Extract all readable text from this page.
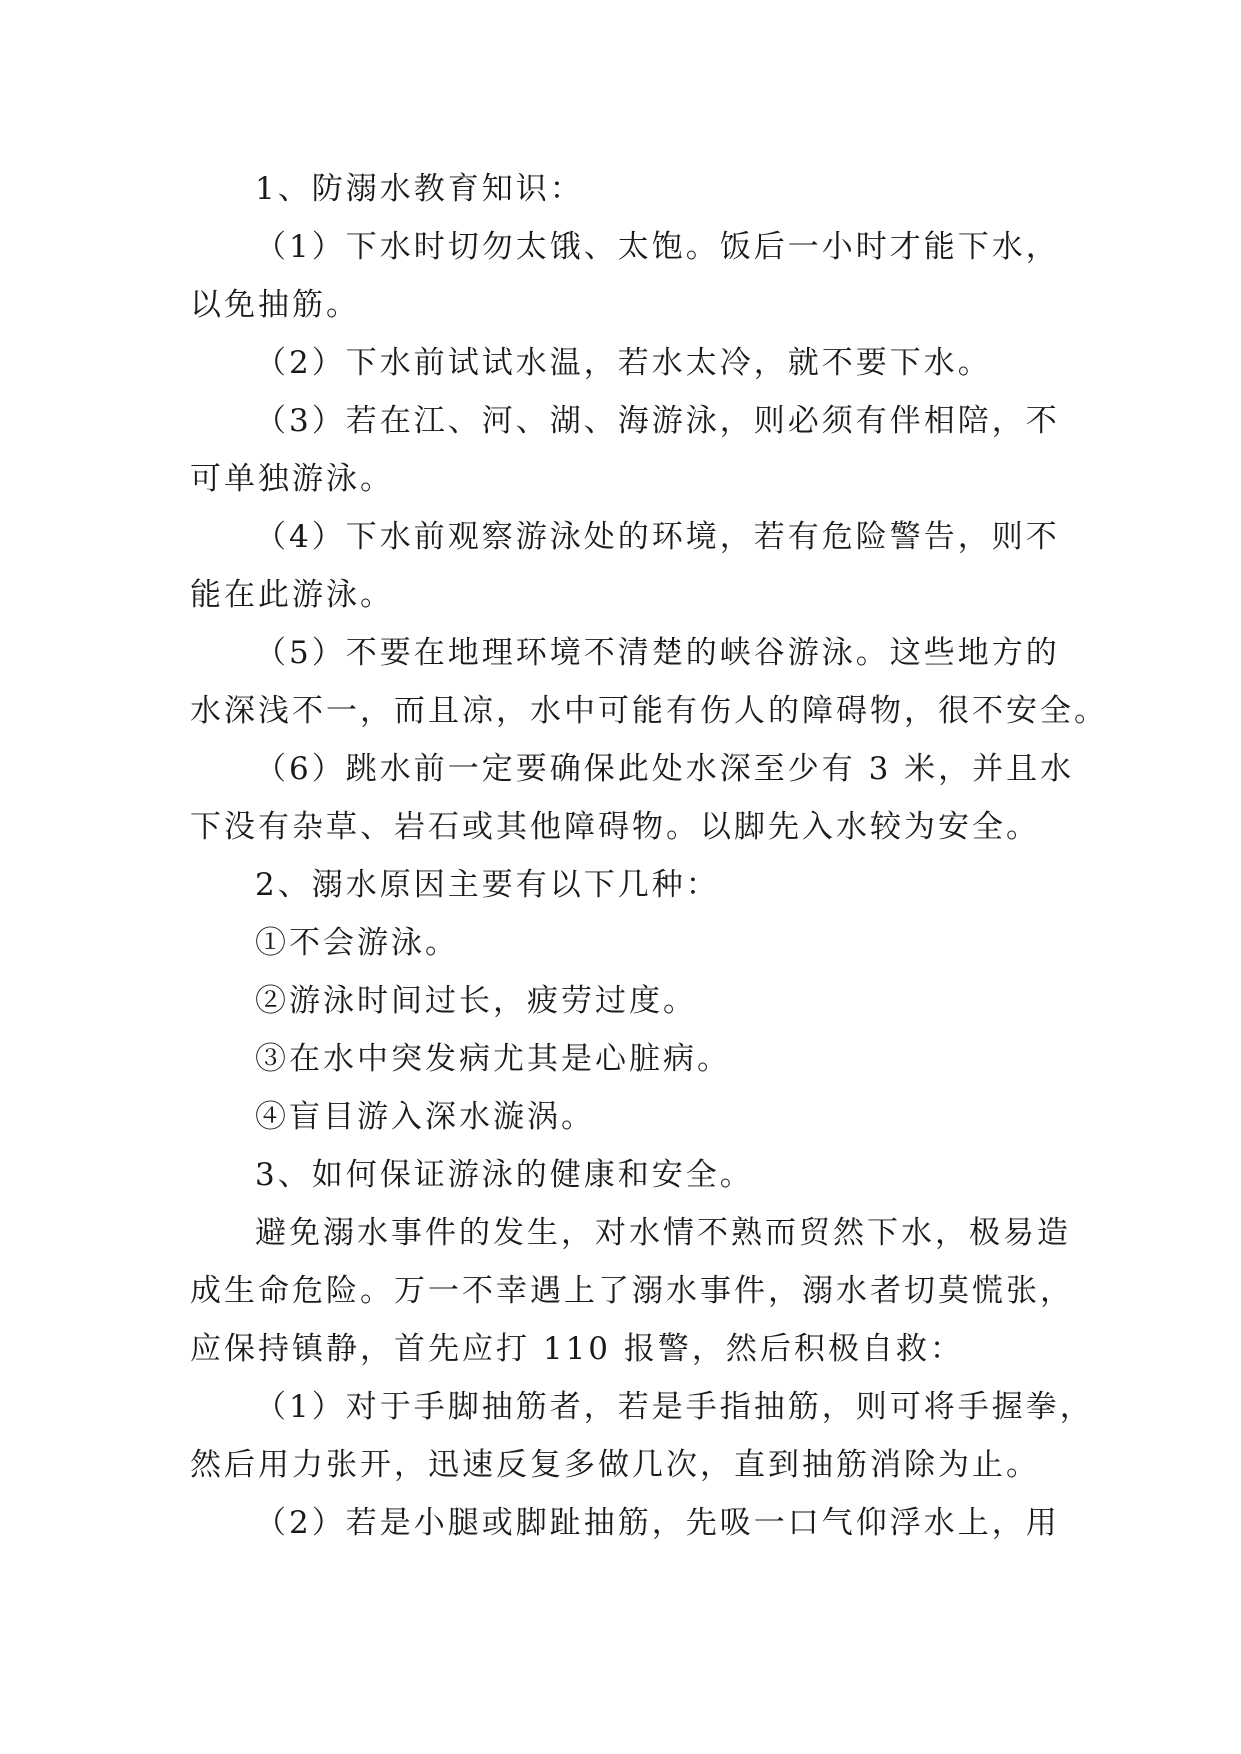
1、防溺水教育知识：
（1）下水时切勿太饿、太饱。饭后一小时才能下水，
以免抽筋。
（2）下水前试试水温，若水太冷，就不要下水。
（3）若在江、河、湖、海游泳，则必须有伴相陪，不
可单独游泳。
（4）下水前观察游泳处的环境，若有危险警告，则不
能在此游泳。
（5）不要在地理环境不清楚的峡谷游泳。这些地方的
水深浅不一，而且凉，水中可能有伤人的障碍物，很不安全。
（6）跳水前一定要确保此处水深至少有 3 米，并且水
下没有杂草、岩石或其他障碍物。以脚先入水较为安全。
2、溺水原因主要有以下几种：
①不会游泳。
②游泳时间过长，疲劳过度。
③在水中突发病尤其是心脏病。
④盲目游入深水漩涡。
3、如何保证游泳的健康和安全。
避免溺水事件的发生，对水情不熟而贸然下水，极易造
成生命危险。万一不幸遇上了溺水事件，溺水者切莫慌张，
应保持镇静，首先应打 110 报警，然后积极自救：
（1）对于手脚抽筋者，若是手指抽筋，则可将手握拳，
然后用力张开，迅速反复多做几次，直到抽筋消除为止。
（2）若是小腿或脚趾抽筋，先吸一口气仰浮水上，用
